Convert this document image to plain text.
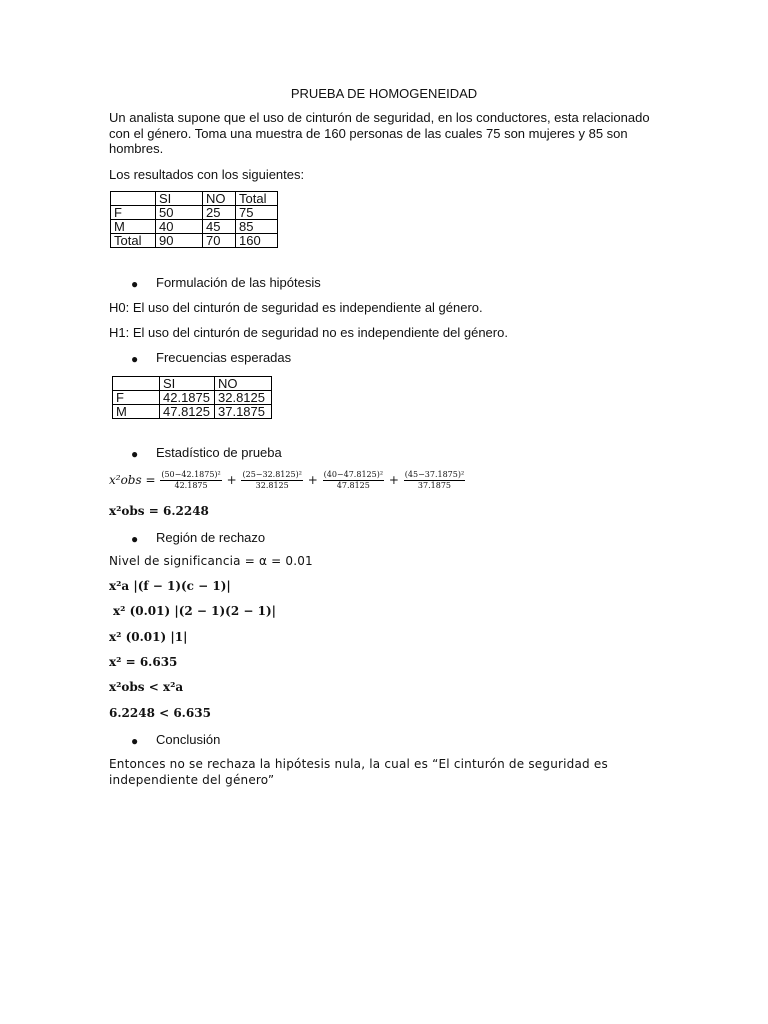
PRUEBA DE HOMOGENEIDAD
Un analista supone que el uso de cinturón de seguridad, en los conductores, esta relacionado con el género. Toma una muestra de 160 personas de las cuales 75 son mujeres y 85 son hombres.
Los resultados con los siguientes:
	SI	NO	Total
F	50	25	75
M	40	45	85
Total	90	70	160
● Formulación de las hipótesis
H0: El uso del cinturón de seguridad es independiente al género.
H1: El uso del cinturón de seguridad no es independiente del género.
● Frecuencias esperadas
	SI	NO
F	42.1875	32.8125
M	47.8125	37.1875
● Estadístico de prueba
$x^2obs = \frac{\text{(50−42.1875)²}}{42.1875} + \frac{\text{(25−32.8125)²}}{32.8125} + \frac{\text{(40−47.8125)²}}{47.8125} + \frac{\text{(45−37.1875)²}}{37.1875}$
x²obs = 6.2248
● Región de rechazo
Nivel de significancia = α = 0.01
x²a |(f − 1)(c − 1)|
x² (0.01) |(2 − 1)(2 − 1)|
x² (0.01) |1|
x² = 6.635
x²obs < x²a
6.2248 < 6.635
● Conclusión
Entonces no se rechaza la hipótesis nula, la cual es “El cinturón de seguridad es independiente del género”
